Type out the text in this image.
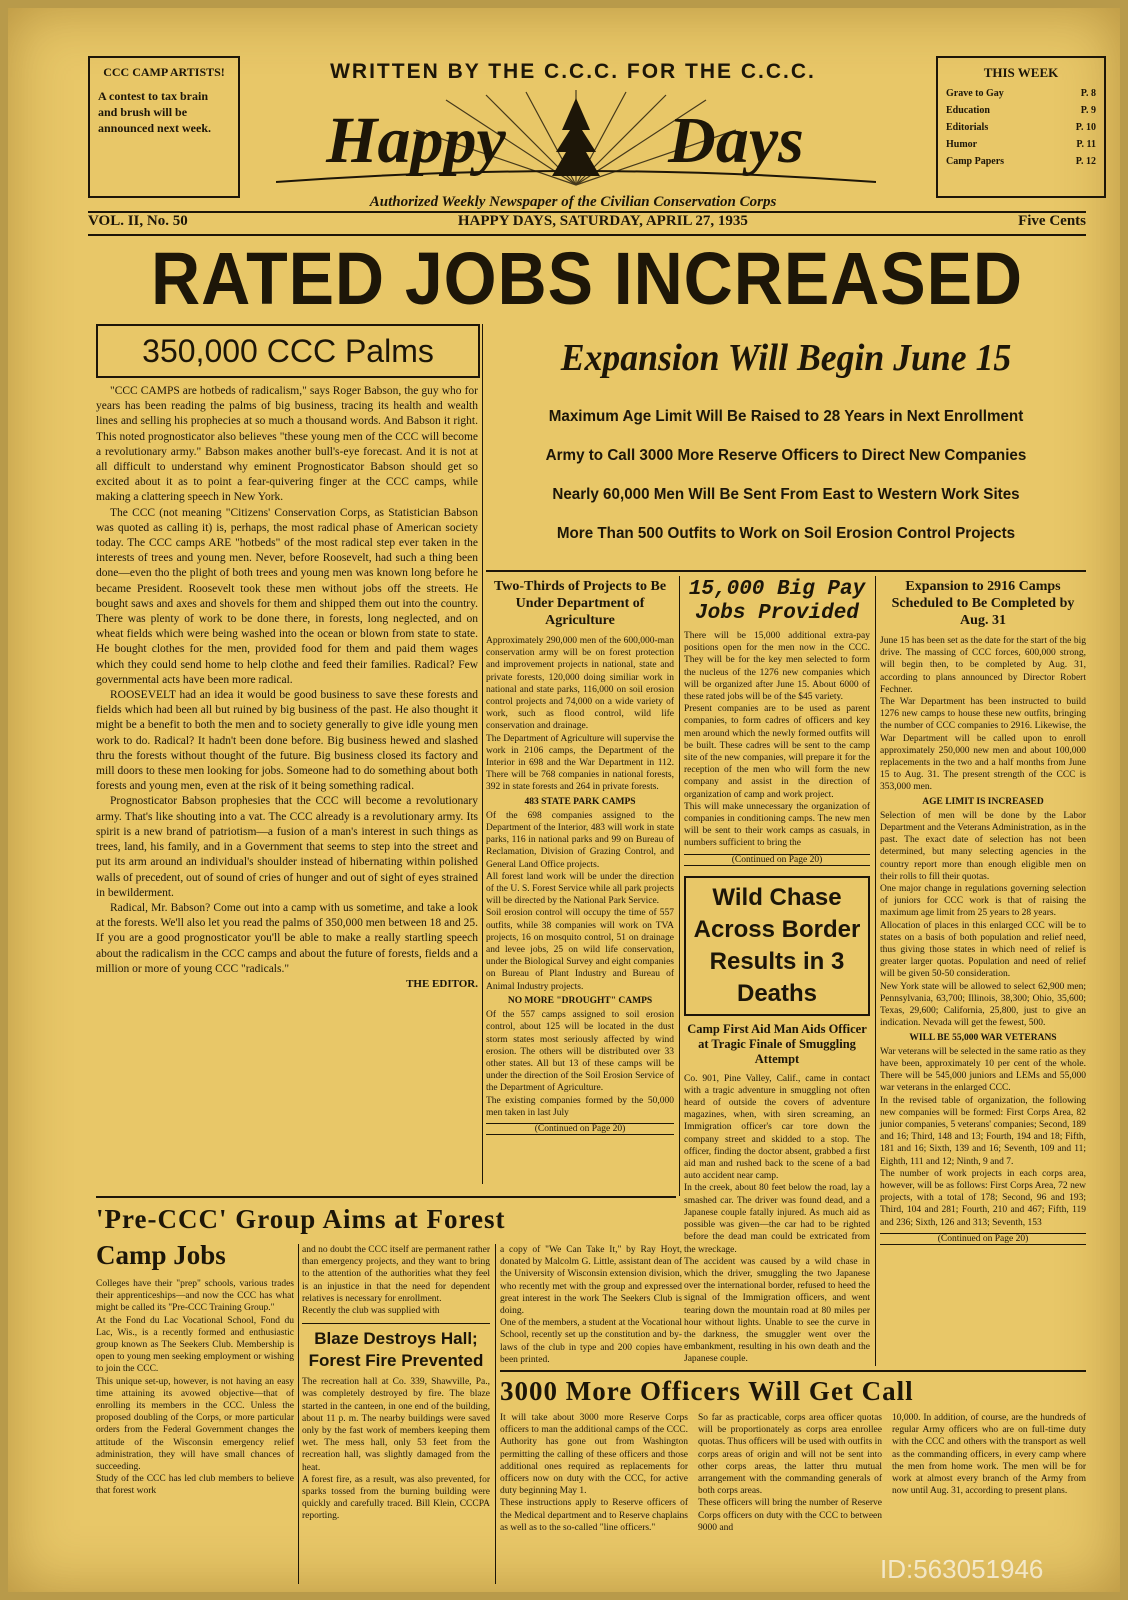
CCC CAMP ARTISTS!

A contest to tax brain and brush will be announced next week.

THIS WEEK
Grave to Gay	P. 8
Education	P. 9
Editorials	P. 10
Humor	P. 11
Camp Papers	P. 12
WRITTEN BY THE C.C.C. FOR THE C.C.C.
Happy Days
Authorized Weekly Newspaper of the Civilian Conservation Corps
VOL. II, No. 50	HAPPY DAYS, SATURDAY, APRIL 27, 1935	Five Cents
RATED JOBS INCREASED
350,000 CCC Palms

"CCC CAMPS are hotbeds of radicalism," says Roger Babson, the guy who for years has been reading the palms of big business, tracing its health and wealth lines and selling his prophecies at so much a thousand words. And Babson it right. This noted prognosticator also believes "these young men of the CCC will become a revolutionary army." Babson makes another bull's-eye forecast. And it is not at all difficult to understand why eminent Prognosticator Babson should get so excited about it as to point a fear-quivering finger at the CCC camps, while making a clattering speech in New York.

The CCC (not meaning "Citizens' Conservation Corps, as Statistician Babson was quoted as calling it) is, perhaps, the most radical phase of American society today. The CCC camps ARE "hotbeds" of the most radical step ever taken in the interests of trees and young men. Never, before Roosevelt, had such a thing been done—even tho the plight of both trees and young men was known long before he became President. Roosevelt took these men without jobs off the streets. He bought saws and axes and shovels for them and shipped them out into the country. There was plenty of work to be done there, in forests, long neglected, and on wheat fields which were being washed into the ocean or blown from state to state. He bought clothes for the men, provided food for them and paid them wages which they could send home to help clothe and feed their families. Radical? Few governmental acts have been more radical.

ROOSEVELT had an idea it would be good business to save these forests and fields which had been all but ruined by big business of the past. He also thought it might be a benefit to both the men and to society generally to give idle young men work to do. Radical? It hadn't been done before. Big business hewed and slashed thru the forests without thought of the future. Big business closed its factory and mill doors to these men looking for jobs. Someone had to do something about both forests and young men, even at the risk of it being something radical.

Prognosticator Babson prophesies that the CCC will become a revolutionary army. That's like shouting into a vat. The CCC already is a revolutionary army. Its spirit is a new brand of patriotism—a fusion of a man's interest in such things as trees, land, his family, and in a Government that seems to step into the street and put its arm around an individual's shoulder instead of hibernating within polished walls of precedent, out of sound of cries of hunger and out of sight of eyes strained in bewilderment.

Radical, Mr. Babson? Come out into a camp with us sometime, and take a look at the forests. We'll also let you read the palms of 350,000 men between 18 and 25. If you are a good prognosticator you'll be able to make a really startling speech about the radicalism in the CCC camps and about the future of forests, fields and a million or more of young CCC "radicals."

THE EDITOR.
Expansion Will Begin June 15
Maximum Age Limit Will Be Raised to 28 Years in Next Enrollment
Army to Call 3000 More Reserve Officers to Direct New Companies
Nearly 60,000 Men Will Be Sent From East to Western Work Sites
More Than 500 Outfits to Work on Soil Erosion Control Projects
Two-Thirds of Projects to Be Under Department of Agriculture
Approximately 290,000 men of the 600,000-man conservation army will be on forest protection and improvement projects in national, state and private forests, 120,000 doing similiar work in national and state parks, 116,000 on soil erosion control projects and 74,000 on a wide variety of work, such as flood control, wild life conservation and drainage.
The Department of Agriculture will supervise the work in 2106 camps, the Department of the Interior in 698 and the War Department in 112. There will be 768 companies in national forests, 392 in state forests and 264 in private forests.
483 STATE PARK CAMPS
Of the 698 companies assigned to the Department of the Interior, 483 will work in state parks, 116 in national parks and 99 on Bureau of Reclamation, Division of Grazing Control, and General Land Office projects.
All forest land work will be under the direction of the U. S. Forest Service while all park projects will be directed by the National Park Service.
Soil erosion control will occupy the time of 557 outfits, while 38 companies will work on TVA projects, 16 on mosquito control, 51 on drainage and levee jobs, 25 on wild life conservation, under the Biological Survey and eight companies on Bureau of Plant Industry and Bureau of Animal Industry projects.
NO MORE "DROUGHT" CAMPS
Of the 557 camps assigned to soil erosion control, about 125 will be located in the dust storm states most seriously affected by wind erosion. The others will be distributed over 33 other states. All but 13 of these camps will be under the direction of the Soil Erosion Service of the Department of Agriculture.
The existing companies formed by the 50,000 men taken in last July
(Continued on Page 20)
15,000 Big Pay Jobs Provided
There will be 15,000 additional extra-pay positions open for the men now in the CCC. They will be for the key men selected to form the nucleus of the 1276 new companies which will be organized after June 15. About 6000 of these rated jobs will be of the $45 variety.
Present companies are to be used as parent companies, to form cadres of officers and key men around which the newly formed outfits will be built. These cadres will be sent to the camp site of the new companies, will prepare it for the reception of the men who will form the new company and assist in the direction of organization of camp and work project.
This will make unnecessary the organization of companies in conditioning camps. The new men will be sent to their work camps as casuals, in numbers sufficient to bring the
(Continued on Page 20)
Wild Chase Across Border Results in 3 Deaths
Camp First Aid Man Aids Officer at Tragic Finale of Smuggling Attempt
Co. 901, Pine Valley, Calif., came in contact with a tragic adventure in smuggling not often heard of outside the covers of adventure magazines, when, with siren screaming, an Immigration officer's car tore down the company street and skidded to a stop. The officer, finding the doctor absent, grabbed a first aid man and rushed back to the scene of a bad auto accident near camp.
In the creek, about 80 feet below the road, lay a smashed car. The driver was found dead, and a Japanese couple fatally injured. As much aid as possible was given—the car had to be righted before the dead man could be extricated from the wreckage.
The accident was caused by a wild chase in which the driver, smuggling the two Japanese over the international border, refused to heed the signal of the Immigration officers, and went tearing down the mountain road at 80 miles per hour without lights. Unable to see the curve in the darkness, the smuggler went over the embankment, resulting in his own death and the Japanese couple.
Expansion to 2916 Camps Scheduled to Be Completed by Aug. 31
June 15 has been set as the date for the start of the big drive. The massing of CCC forces, 600,000 strong, will begin then, to be completed by Aug. 31, according to plans announced by Director Robert Fechner.
The War Department has been instructed to build 1276 new camps to house these new outfits, bringing the number of CCC companies to 2916. Likewise, the War Department will be called upon to enroll approximately 250,000 new men and about 100,000 replacements in the two and a half months from June 15 to Aug. 31. The present strength of the CCC is 353,000 men.
AGE LIMIT IS INCREASED
Selection of men will be done by the Labor Department and the Veterans Administration, as in the past. The exact date of selection has not been determined, but many selecting agencies in the country report more than enough eligible men on their rolls to fill their quotas.
One major change in regulations governing selection of juniors for CCC work is that of raising the maximum age limit from 25 years to 28 years.
Allocation of places in this enlarged CCC will be to states on a basis of both population and relief need, thus giving those states in which need of relief is greater larger quotas. Population and need of relief will be given 50-50 consideration.
New York state will be allowed to select 62,900 men; Pennsylvania, 63,700; Illinois, 38,300; Ohio, 35,600; Texas, 29,600; California, 25,800, just to give an indication. Nevada will get the fewest, 500.
WILL BE 55,000 WAR VETERANS
War veterans will be selected in the same ratio as they have been, approximately 10 per cent of the whole. There will be 545,000 juniors and LEMs and 55,000 war veterans in the enlarged CCC.
In the revised table of organization, the following new companies will be formed: First Corps Area, 82 junior companies, 5 veterans' companies; Second, 189 and 16; Third, 148 and 13; Fourth, 194 and 18; Fifth, 181 and 16; Sixth, 139 and 16; Seventh, 109 and 11; Eighth, 111 and 12; Ninth, 9 and 7.
The number of work projects in each corps area, however, will be as follows: First Corps Area, 72 new projects, with a total of 178; Second, 96 and 193; Third, 104 and 281; Fourth, 210 and 467; Fifth, 119 and 236; Sixth, 126 and 313; Seventh, 153
(Continued on Page 20)
'Pre-CCC' Group Aims at Forest
Camp Jobs
Colleges have their "prep" schools, various trades their apprenticeships—and now the CCC has what might be called its "Pre-CCC Training Group."
At the Fond du Lac Vocational School, Fond du Lac, Wis., is a recently formed and enthusiastic group known as The Seekers Club. Membership is open to young men seeking employment or wishing to join the CCC.
This unique set-up, however, is not having an easy time attaining its avowed objective—that of enrolling its members in the CCC. Unless the proposed doubling of the Corps, or more particular orders from the Federal Government changes the attitude of the Wisconsin emergency relief administration, they will have small chances of succeeding.
Study of the CCC has led club members to believe that forest work
and no doubt the CCC itself are permanent rather than emergency projects, and they want to bring to the attention of the authorities what they feel is an injustice in that the need for dependent relatives is necessary for enrollment.
Recently the club was supplied with
Blaze Destroys Hall;
Forest Fire Prevented
The recreation hall at Co. 339, Shawville, Pa., was completely destroyed by fire. The blaze started in the canteen, in one end of the building, about 11 p. m. The nearby buildings were saved only by the fast work of members keeping them wet. The mess hall, only 53 feet from the recreation hall, was slightly damaged from the heat.
A forest fire, as a result, was also prevented, for sparks tossed from the burning building were quickly and carefully traced. Bill Klein, CCCPA reporting.
a copy of "We Can Take It," by Ray Hoyt, donated by Malcolm G. Little, assistant dean of the University of Wisconsin extension division, who recently met with the group and expressed great interest in the work The Seekers Club is doing.
One of the members, a student at the Vocational School, recently set up the constitution and by-laws of the club in type and 200 copies have been printed.
3000 More Officers Will Get Call
It will take about 3000 more Reserve Corps officers to man the additional camps of the CCC. Authority has gone out from Washington permitting the calling of these officers and those additional ones required as replacements for officers now on duty with the CCC, for active duty beginning May 1.
These instructions apply to Reserve officers of the Medical department and to Reserve chaplains as well as to the so-called "line officers."
So far as practicable, corps area officer quotas will be proportionately as corps area enrollee quotas. Thus officers will be used with outfits in corps areas of origin and will not be sent into other corps areas, the latter thru mutual arrangement with the commanding generals of both corps areas.
These officers will bring the number of Reserve Corps officers on duty with the CCC to between 9000 and
10,000. In addition, of course, are the hundreds of regular Army officers who are on full-time duty with the CCC and others with the transport as well as the commanding officers, in every camp where the men from home work. The men will be for work at almost every branch of the Army from now until Aug. 31, according to present plans.
ID:563051946
